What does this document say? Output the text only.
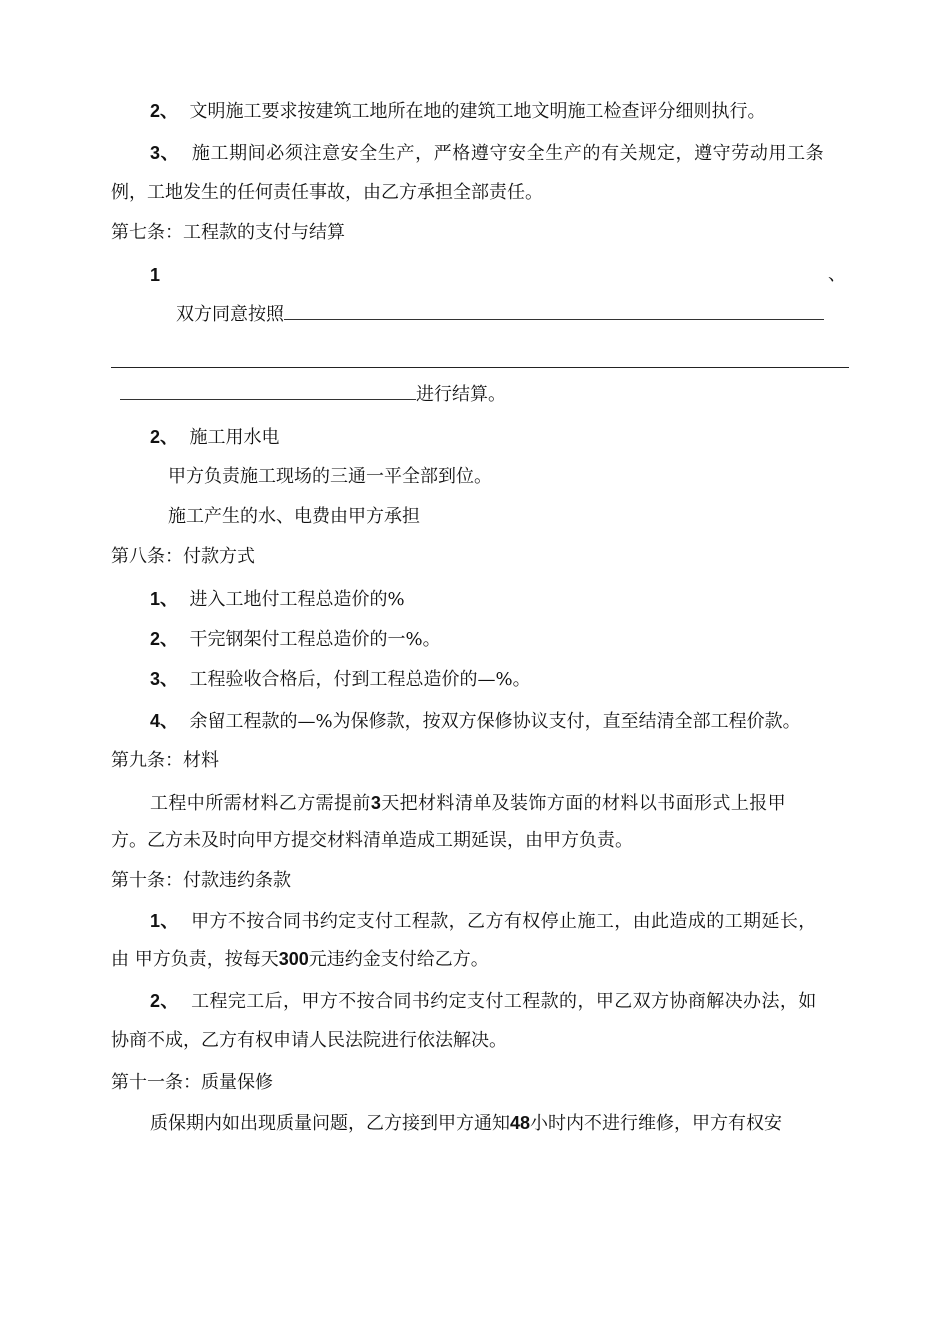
2、 文明施工要求按建筑工地所在地的建筑工地文明施工检查评分细则执行。
3、 施工期间必须注意安全生产，严格遵守安全生产的有关规定，遵守劳动用工条
例，工地发生的任何责任事故，由乙方承担全部责任。
第七条：工程款的支付与结算
1	、
双方同意按照
进行结算。
2、 施工用水电
甲方负责施工现场的三通一平全部到位。
施工产生的水、电费由甲方承担
第八条：付款方式
1、 进入工地付工程总造价的%
2、 干完钢架付工程总造价的一%。
3、 工程验收合格后，付到工程总造价的—%。
4、 余留工程款的—%为保修款，按双方保修协议支付，直至结清全部工程价款。
第九条：材料
工程中所需材料乙方需提前3天把材料清单及装饰方面的材料以书面形式上报甲
方。乙方未及时向甲方提交材料清单造成工期延误，由甲方负责。
第十条：付款违约条款
1、 甲方不按合同书约定支付工程款，乙方有权停止施工，由此造成的工期延长，
由 甲方负责，按每天300元违约金支付给乙方。
2、 工程完工后，甲方不按合同书约定支付工程款的，甲乙双方协商解决办法，如
协商不成，乙方有权申请人民法院进行依法解决。
第十一条：质量保修
质保期内如出现质量问题，乙方接到甲方通知48小时内不进行维修，甲方有权安
